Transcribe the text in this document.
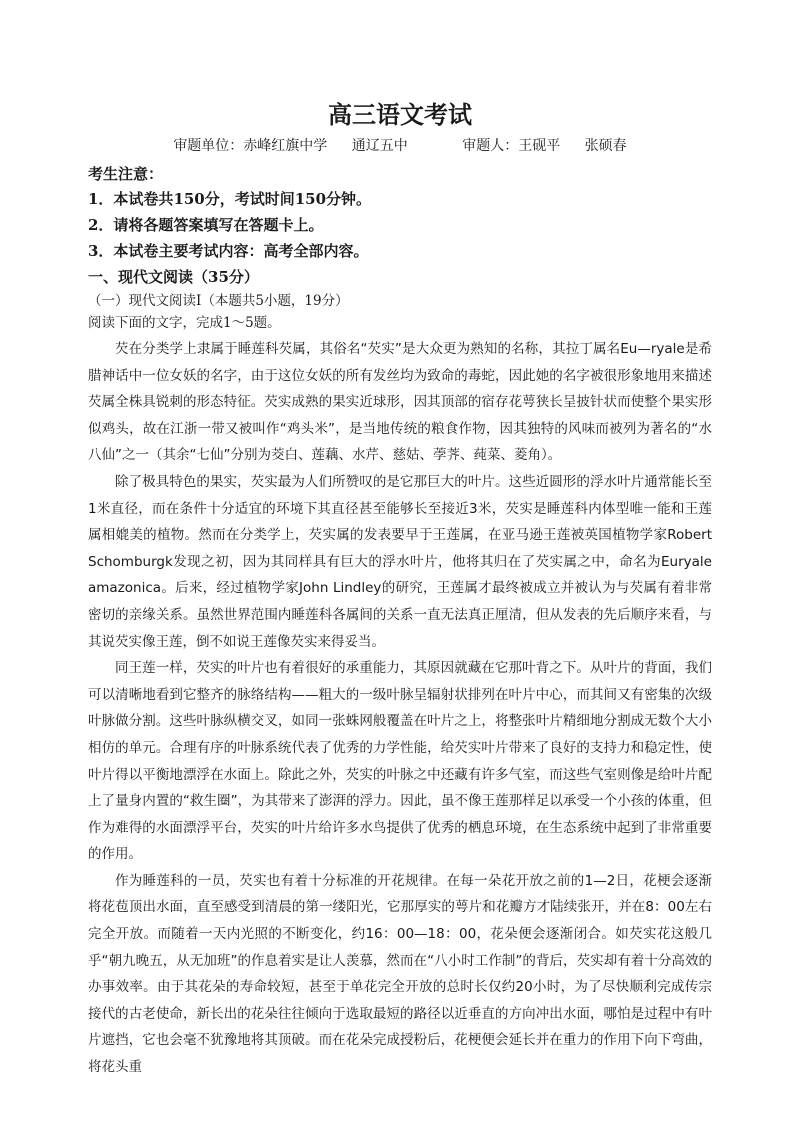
高三语文考试
审题单位：赤峰红旗中学 通辽五中	审题人：王砚平 张硕春
考生注意：
1．本试卷共150分，考试时间150分钟。
2．请将各题答案填写在答题卡上。
3．本试卷主要考试内容：高考全部内容。
一、现代文阅读（35分）
（一）现代文阅读Ⅰ（本题共5小题，19分）
阅读下面的文字，完成1～5题。

芡在分类学上隶属于睡莲科芡属，其俗名“芡实”是大众更为熟知的名称，其拉丁属名Eu—ryale是希腊神话中一位女妖的名字，由于这位女妖的所有发丝均为致命的毒蛇，因此她的名字被很形象地用来描述芡属全株具锐刺的形态特征。芡实成熟的果实近球形，因其顶部的宿存花萼狭长呈披针状而使整个果实形似鸡头，故在江浙一带又被叫作“鸡头米”，是当地传统的粮食作物，因其独特的风味而被列为著名的“水八仙”之一（其余“七仙”分别为茭白、莲藕、水芹、慈姑、荸荠、莼菜、菱角）。

除了极具特色的果实，芡实最为人们所赞叹的是它那巨大的叶片。这些近圆形的浮水叶片通常能长至1米直径，而在条件十分适宜的环境下其直径甚至能够长至接近3米，芡实是睡莲科内体型唯一能和王莲属相媲美的植物。然而在分类学上，芡实属的发表要早于王莲属，在亚马逊王莲被英国植物学家Robert Schomburgk发现之初，因为其同样具有巨大的浮水叶片，他将其归在了芡实属之中，命名为Euryale amazonica。后来，经过植物学家John Lindley的研究，王莲属才最终被成立并被认为与芡属有着非常密切的亲缘关系。虽然世界范围内睡莲科各属间的关系一直无法真正厘清，但从发表的先后顺序来看，与其说芡实像王莲，倒不如说王莲像芡实来得妥当。

同王莲一样，芡实的叶片也有着很好的承重能力，其原因就藏在它那叶背之下。从叶片的背面，我们可以清晰地看到它整齐的脉络结构——粗大的一级叶脉呈辐射状排列在叶片中心，而其间又有密集的次级叶脉做分割。这些叶脉纵横交叉，如同一张蛛网般覆盖在叶片之上，将整张叶片精细地分割成无数个大小相仿的单元。合理有序的叶脉系统代表了优秀的力学性能，给芡实叶片带来了良好的支持力和稳定性，使叶片得以平衡地漂浮在水面上。除此之外，芡实的叶脉之中还藏有许多气室，而这些气室则像是给叶片配上了量身内置的“救生圈”，为其带来了澎湃的浮力。因此，虽不像王莲那样足以承受一个小孩的体重，但作为难得的水面漂浮平台，芡实的叶片给许多水鸟提供了优秀的栖息环境，在生态系统中起到了非常重要的作用。

作为睡莲科的一员，芡实也有着十分标准的开花规律。在每一朵花开放之前的1—2日，花梗会逐渐将花苞顶出水面，直至感受到清晨的第一缕阳光，它那厚实的萼片和花瓣方才陆续张开，并在8：00左右完全开放。而随着一天内光照的不断变化，约16：00—18：00，花朵便会逐渐闭合。如芡实花这般几乎“朝九晚五，从无加班”的作息着实是让人羡慕，然而在“八小时工作制”的背后，芡实却有着十分高效的办事效率。由于其花朵的寿命较短，甚至于单花完全开放的总时长仅约20小时，为了尽快顺利完成传宗接代的古老使命，新长出的花朵往往倾向于选取最短的路径以近垂直的方向冲出水面，哪怕是过程中有叶片遮挡，它也会毫不犹豫地将其顶破。而在花朵完成授粉后，花梗便会延长并在重力的作用下向下弯曲，将花头重
